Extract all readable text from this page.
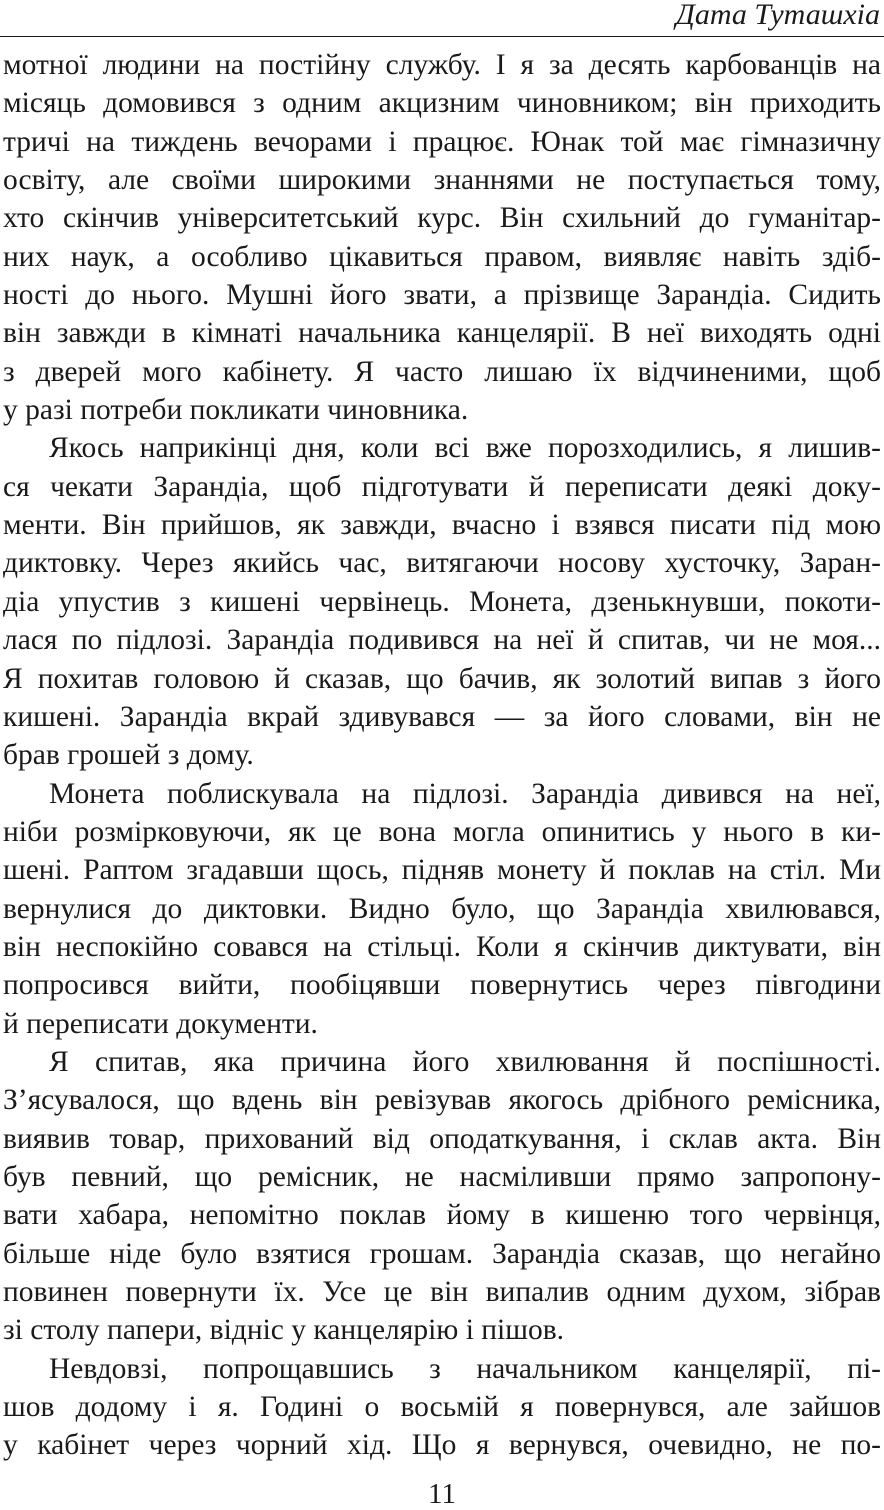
Дата Туташхіа
мотної людини на постійну службу. І я за десять карбованців на
місяць домовився з одним акцизним чиновником; він приходить
тричі на тиждень вечорами і працює. Юнак той має гімназичну
освіту, але своїми широкими знаннями не поступається тому,
хто скінчив університетський курс. Він схильний до гуманітар-
них наук, а особливо цікавиться правом, виявляє навіть здіб-
ності до нього. Мушні його звати, а прізвище Зарандіа. Сидить
він завжди в кімнаті начальника канцелярії. В неї виходять одні
з дверей мого кабінету. Я часто лишаю їх відчиненими, щоб
у разі потреби покликати чиновника.
Якось наприкінці дня, коли всі вже порозходились, я лишив-
ся чекати Зарандіа, щоб підготувати й переписати деякі доку-
менти. Він прийшов, як завжди, вчасно і взявся писати під мою
диктовку. Через якийсь час, витягаючи носову хусточку, Заран-
діа упустив з кишені червінець. Монета, дзенькнувши, покоти-
лася по підлозі. Зарандіа подивився на неї й спитав, чи не моя...
Я похитав головою й сказав, що бачив, як золотий випав з його
кишені. Зарандіа вкрай здивувався — за його словами, він не
брав грошей з дому.
Монета поблискувала на підлозі. Зарандіа дивився на неї,
ніби розмірковуючи, як це вона могла опинитись у нього в ки-
шені. Раптом згадавши щось, підняв монету й поклав на стіл. Ми
вернулися до диктовки. Видно було, що Зарандіа хвилювався,
він неспокійно совався на стільці. Коли я скінчив диктувати, він
попросився вийти, пообіцявши повернутись через півгодини
й переписати документи.
Я спитав, яка причина його хвилювання й поспішності.
З’ясувалося, що вдень він ревізував якогось дрібного ремісника,
виявив товар, прихований від оподаткування, і склав акта. Він
був певний, що ремісник, не насміливши прямо запропону-
вати хабара, непомітно поклав йому в кишеню того червінця,
більше ніде було взятися грошам. Зарандіа сказав, що негайно
повинен повернути їх. Усе це він випалив одним духом, зібрав
зі столу папери, відніс у канцелярію і пішов.
Невдовзі, попрощавшись з начальником канцелярії, пі-
шов додому і я. Годині о восьмій я повернувся, але зайшов
у кабінет через чорний хід. Що я вернувся, очевидно, не по-
11
